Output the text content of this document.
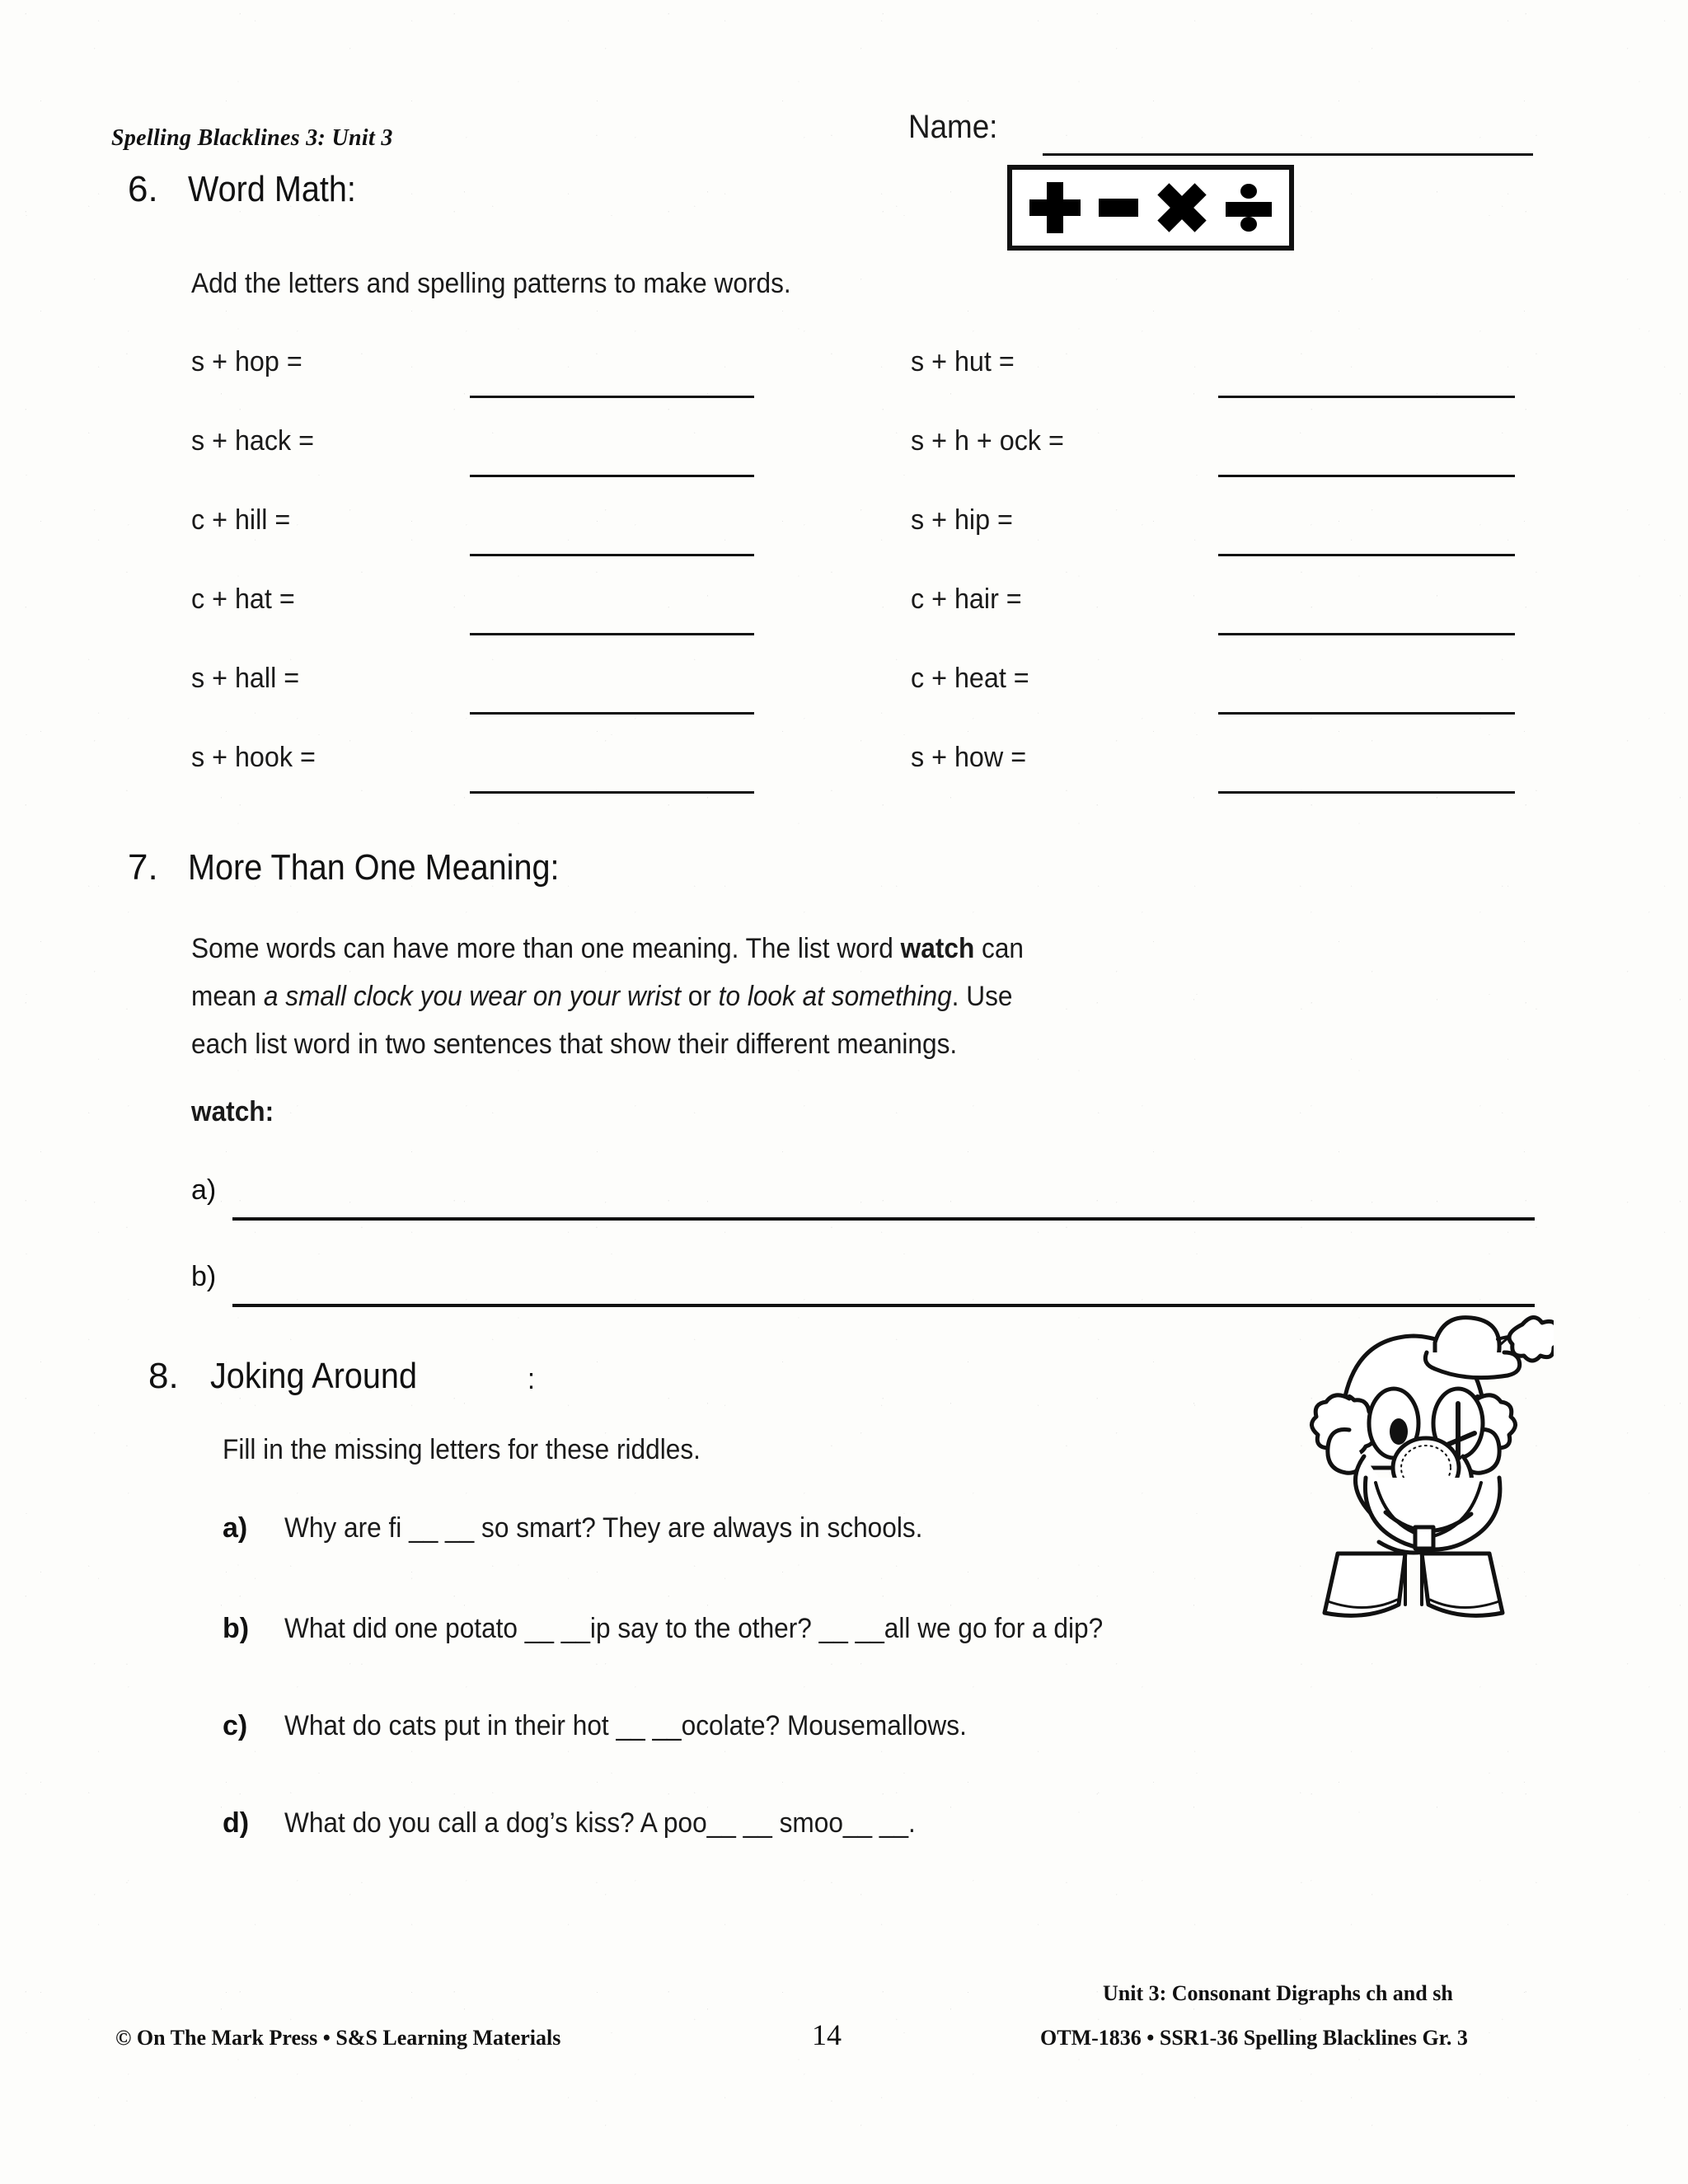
Spelling Blacklines 3: Unit 3	Name:
6. Word Math:
Add the letters and spelling patterns to make words.
s + hop =
s + hack =
c + hill =
c + hat =
s + hall =
s + hook =
s + hut =
s + h + ock =
s + hip =
c + hair =
c + heat =
s + how =
7. More Than One Meaning:
Some words can have more than one meaning. The list word watch can
mean a small clock you wear on your wrist or to look at something. Use
each list word in two sentences that show their different meanings.
watch:
a)
b)
8. Joking Around	:
Fill in the missing letters for these riddles.
a) Why are fi __ __ so smart? They are always in schools.
b) What did one potato __ __ip say to the other? __ __all we go for a dip?
c) What do cats put in their hot __ __ocolate? Mousemallows.
d) What do you call a dog’s kiss? A poo__ __ smoo__ __.
© On The Mark Press • S&S Learning Materials	14
Unit 3: Consonant Digraphs ch and sh
OTM-1836 • SSR1-36 Spelling Blacklines Gr. 3
